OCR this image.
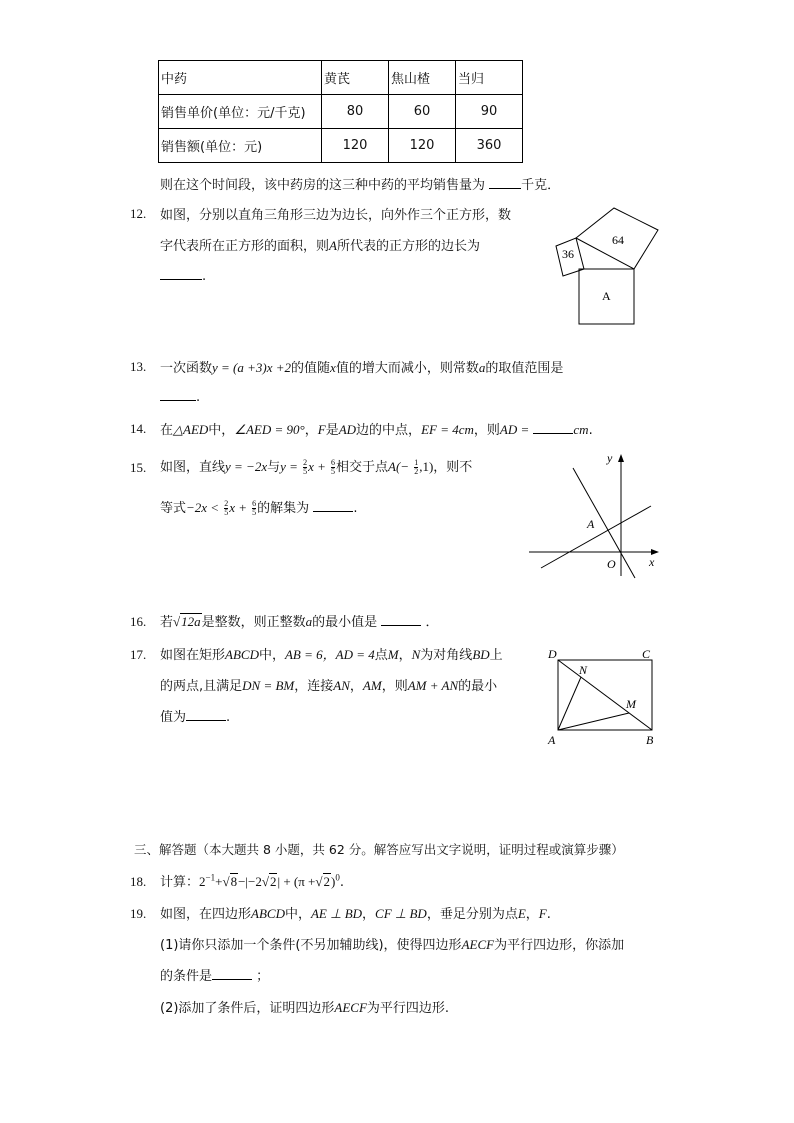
中药	黄芪	焦山楂	当归
销售单价(单位：元/千克)	80	60	90
销售额(单位：元)	120	120	360
则在这个时间段，该中药房的这三种中药的平均销售量为	千克．
12. 如图，分别以直角三角形三边为边长，向外作三个正方形，数
字代表所在正方形的面积，则A所代表的正方形的边长为
.
36
64
A
13. 一次函数y = (a +3)x +2的值随x值的增大而减小，则常数a的取值范围是
.
14. 在△AED中，∠AED = 90°，F是AD边的中点，EF = 4cm，则AD =	cm.
15. 如图，直线y = −2x与$y = \frac{2}{5}$ $x + \frac{6}{5}$ 相交于点$A(- \frac{1}{2} ,1)$，则不
等式$-2x < \frac{2}{5}$ $x + \frac{6}{5}$ 的解集为	.
y
x
A
O
16. 若√12a是整数，则正整数a的最小值是	．
17. 如图在矩形ABCD中，AB = 6，AD = 4点M，N为对角线BD上
的两点,且满足DN = BM，连接AN，AM，则AM + AN的最小
值为	.
D	C
A	B
N
M
三、解答题（本大题共 8 小题，共 62 分。解答应写出文字说明，证明过程或演算步骤）
18. 计算：$2^{-1}+√8-|-2√2| + (\pi +√2)^0$.
19. 如图，在四边形ABCD中，AE ⊥ BD，CF ⊥ BD，垂足分别为点E，F.
(1)请你只添加一个条件(不另加辅助线)，使得四边形AECF为平行四边形，你添加
的条件是	；
(2)添加了条件后，证明四边形AECF为平行四边形.
